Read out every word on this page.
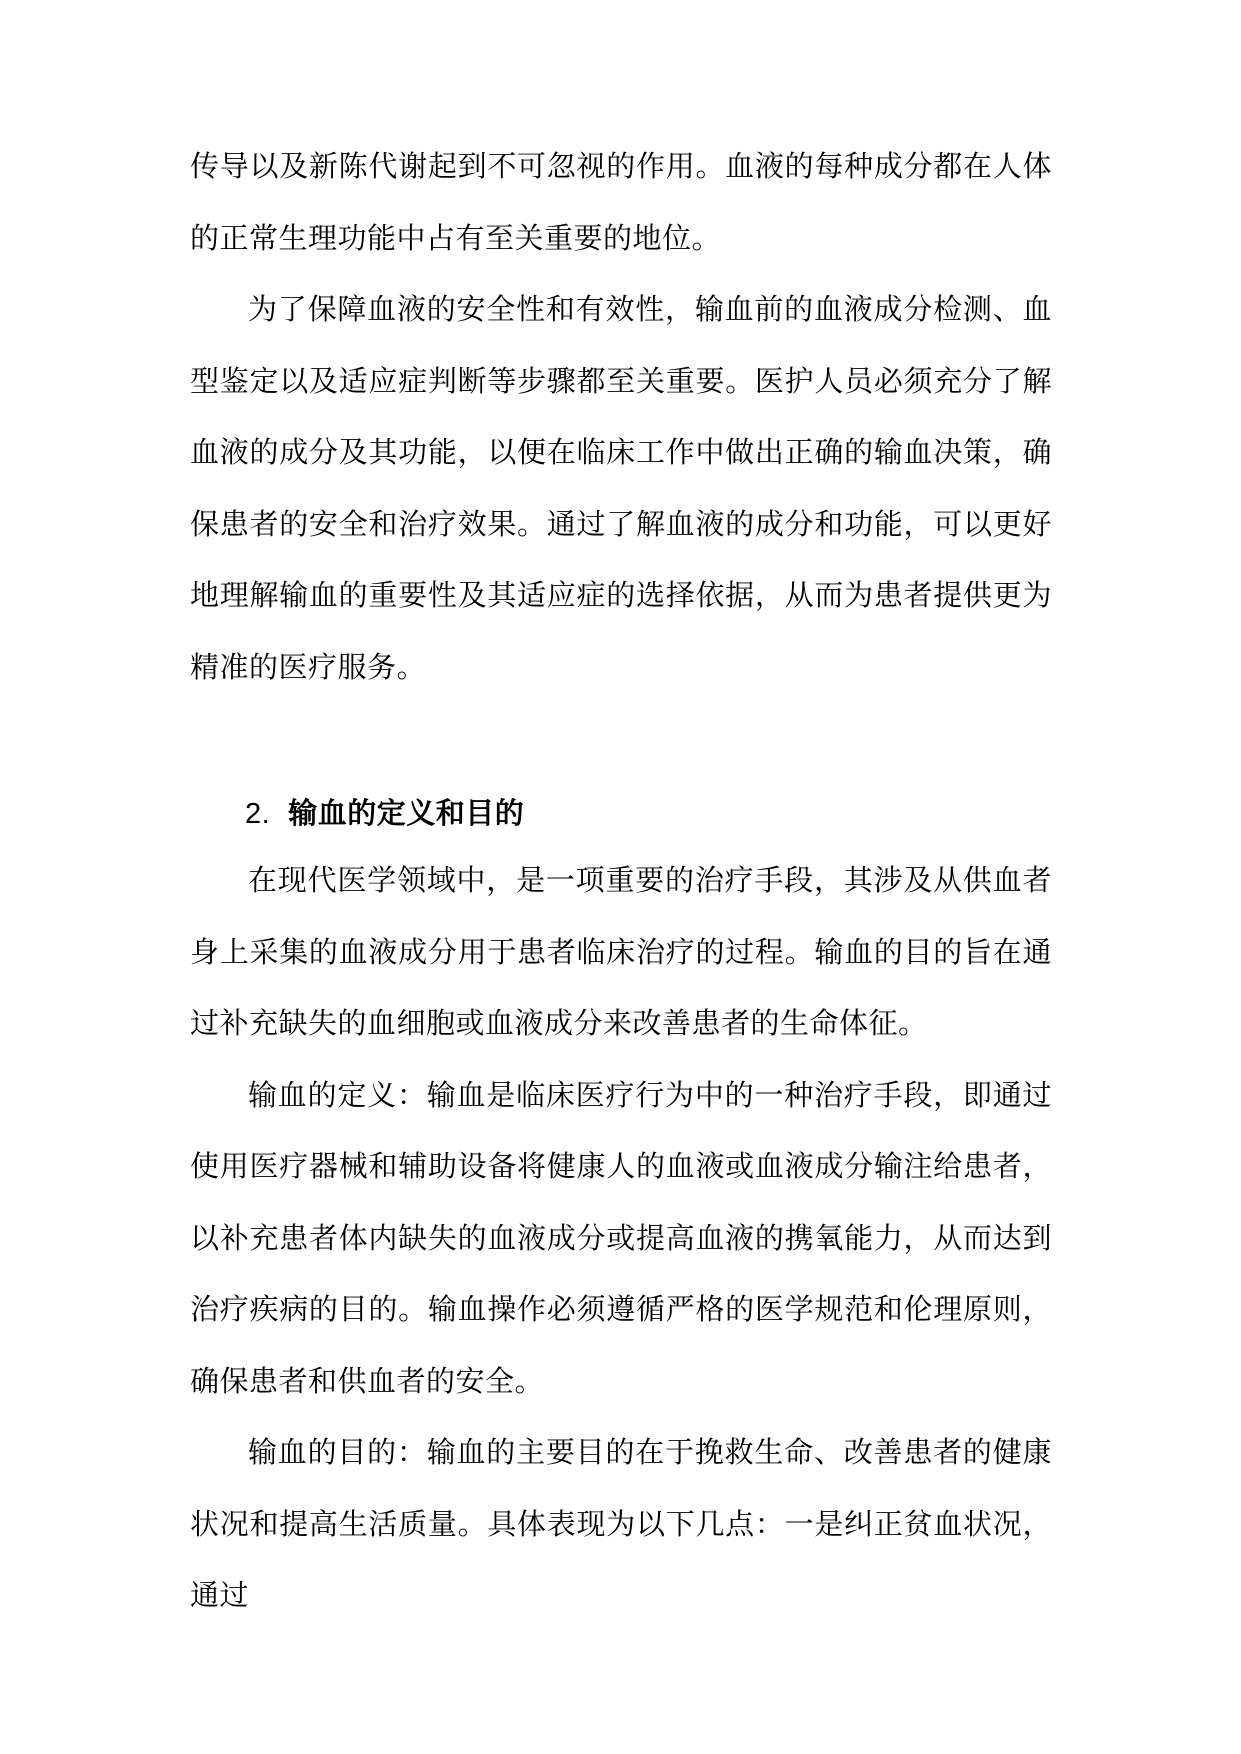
传导以及新陈代谢起到不可忽视的作用。血液的每种成分都在人体的正常生理功能中占有至关重要的地位。

为了保障血液的安全性和有效性，输血前的血液成分检测、血型鉴定以及适应症判断等步骤都至关重要。医护人员必须充分了解血液的成分及其功能，以便在临床工作中做出正确的输血决策，确保患者的安全和治疗效果。通过了解血液的成分和功能，可以更好地理解输血的重要性及其适应症的选择依据，从而为患者提供更为精准的医疗服务。

2. 输血的定义和目的

在现代医学领域中，是一项重要的治疗手段，其涉及从供血者身上采集的血液成分用于患者临床治疗的过程。输血的目的旨在通过补充缺失的血细胞或血液成分来改善患者的生命体征。

输血的定义：输血是临床医疗行为中的一种治疗手段，即通过使用医疗器械和辅助设备将健康人的血液或血液成分输注给患者，以补充患者体内缺失的血液成分或提高血液的携氧能力，从而达到治疗疾病的目的。输血操作必须遵循严格的医学规范和伦理原则，确保患者和供血者的安全。

输血的目的：输血的主要目的在于挽救生命、改善患者的健康状况和提高生活质量。具体表现为以下几点：一是纠正贫血状况，通过
